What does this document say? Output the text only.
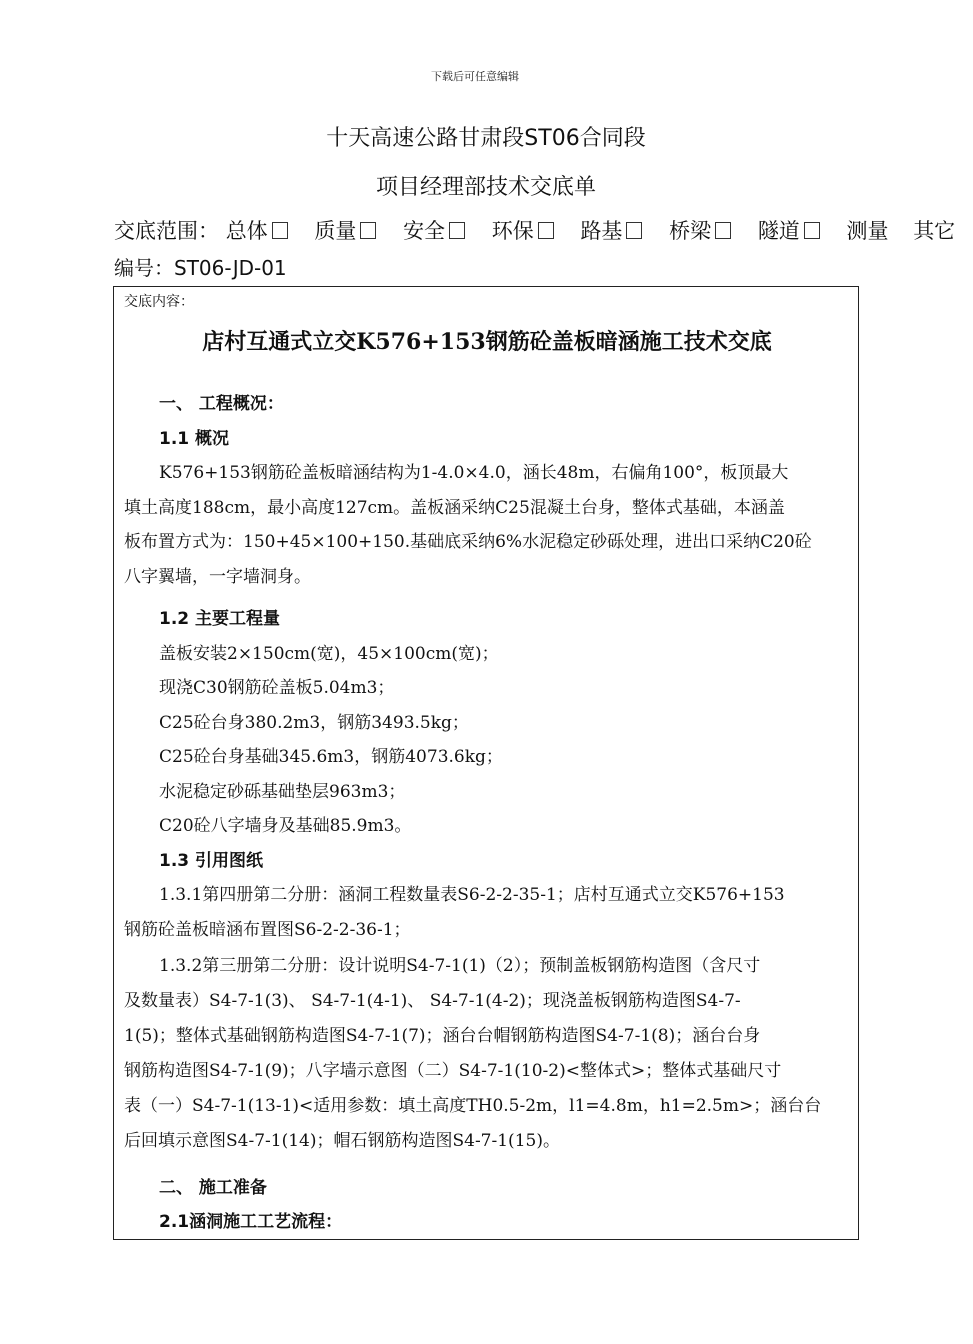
下载后可任意编辑
十天高速公路甘肃段ST06合同段
项目经理部技术交底单
交底范围： 总体 质量 安全 环保 路基 桥梁 隧道 测量 其它
编号：ST06-JD-01
交底内容：
店村互通式立交K576+153钢筋砼盖板暗涵施工技术交底
一、 工程概况：
1.1 概况
K576+153钢筋砼盖板暗涵结构为1-4.0×4.0，涵长48m，右偏角100°，板顶最大
填土高度188cm，最小高度127cm。盖板涵采纳C25混凝土台身，整体式基础，本涵盖
板布置方式为：150+45×100+150.基础底采纳6%水泥稳定砂砾处理，进出口采纳C20砼
八字翼墙，一字墙洞身。
1.2 主要工程量
盖板安装2×150cm(宽)，45×100cm(宽)；
现浇C30钢筋砼盖板5.04m3；
C25砼台身380.2m3，钢筋3493.5kg；
C25砼台身基础345.6m3，钢筋4073.6kg；
水泥稳定砂砾基础垫层963m3；
C20砼八字墙身及基础85.9m3。
1.3 引用图纸
1.3.1第四册第二分册：涵洞工程数量表S6-2-2-35-1；店村互通式立交K576+153
钢筋砼盖板暗涵布置图S6-2-2-36-1；
1.3.2第三册第二分册：设计说明S4-7-1(1)（2）；预制盖板钢筋构造图（含尺寸
及数量表）S4-7-1(3)、 S4-7-1(4-1)、 S4-7-1(4-2)；现浇盖板钢筋构造图S4-7-
1(5)；整体式基础钢筋构造图S4-7-1(7)；涵台台帽钢筋构造图S4-7-1(8)；涵台台身
钢筋构造图S4-7-1(9)；八字墙示意图（二）S4-7-1(10-2)<整体式>；整体式基础尺寸
表（一）S4-7-1(13-1)<适用参数：填土高度TH0.5-2m，l1=4.8m，h1=2.5m>；涵台台
后回填示意图S4-7-1(14)；帽石钢筋构造图S4-7-1(15)。
二、 施工准备
2.1涵洞施工工艺流程：
